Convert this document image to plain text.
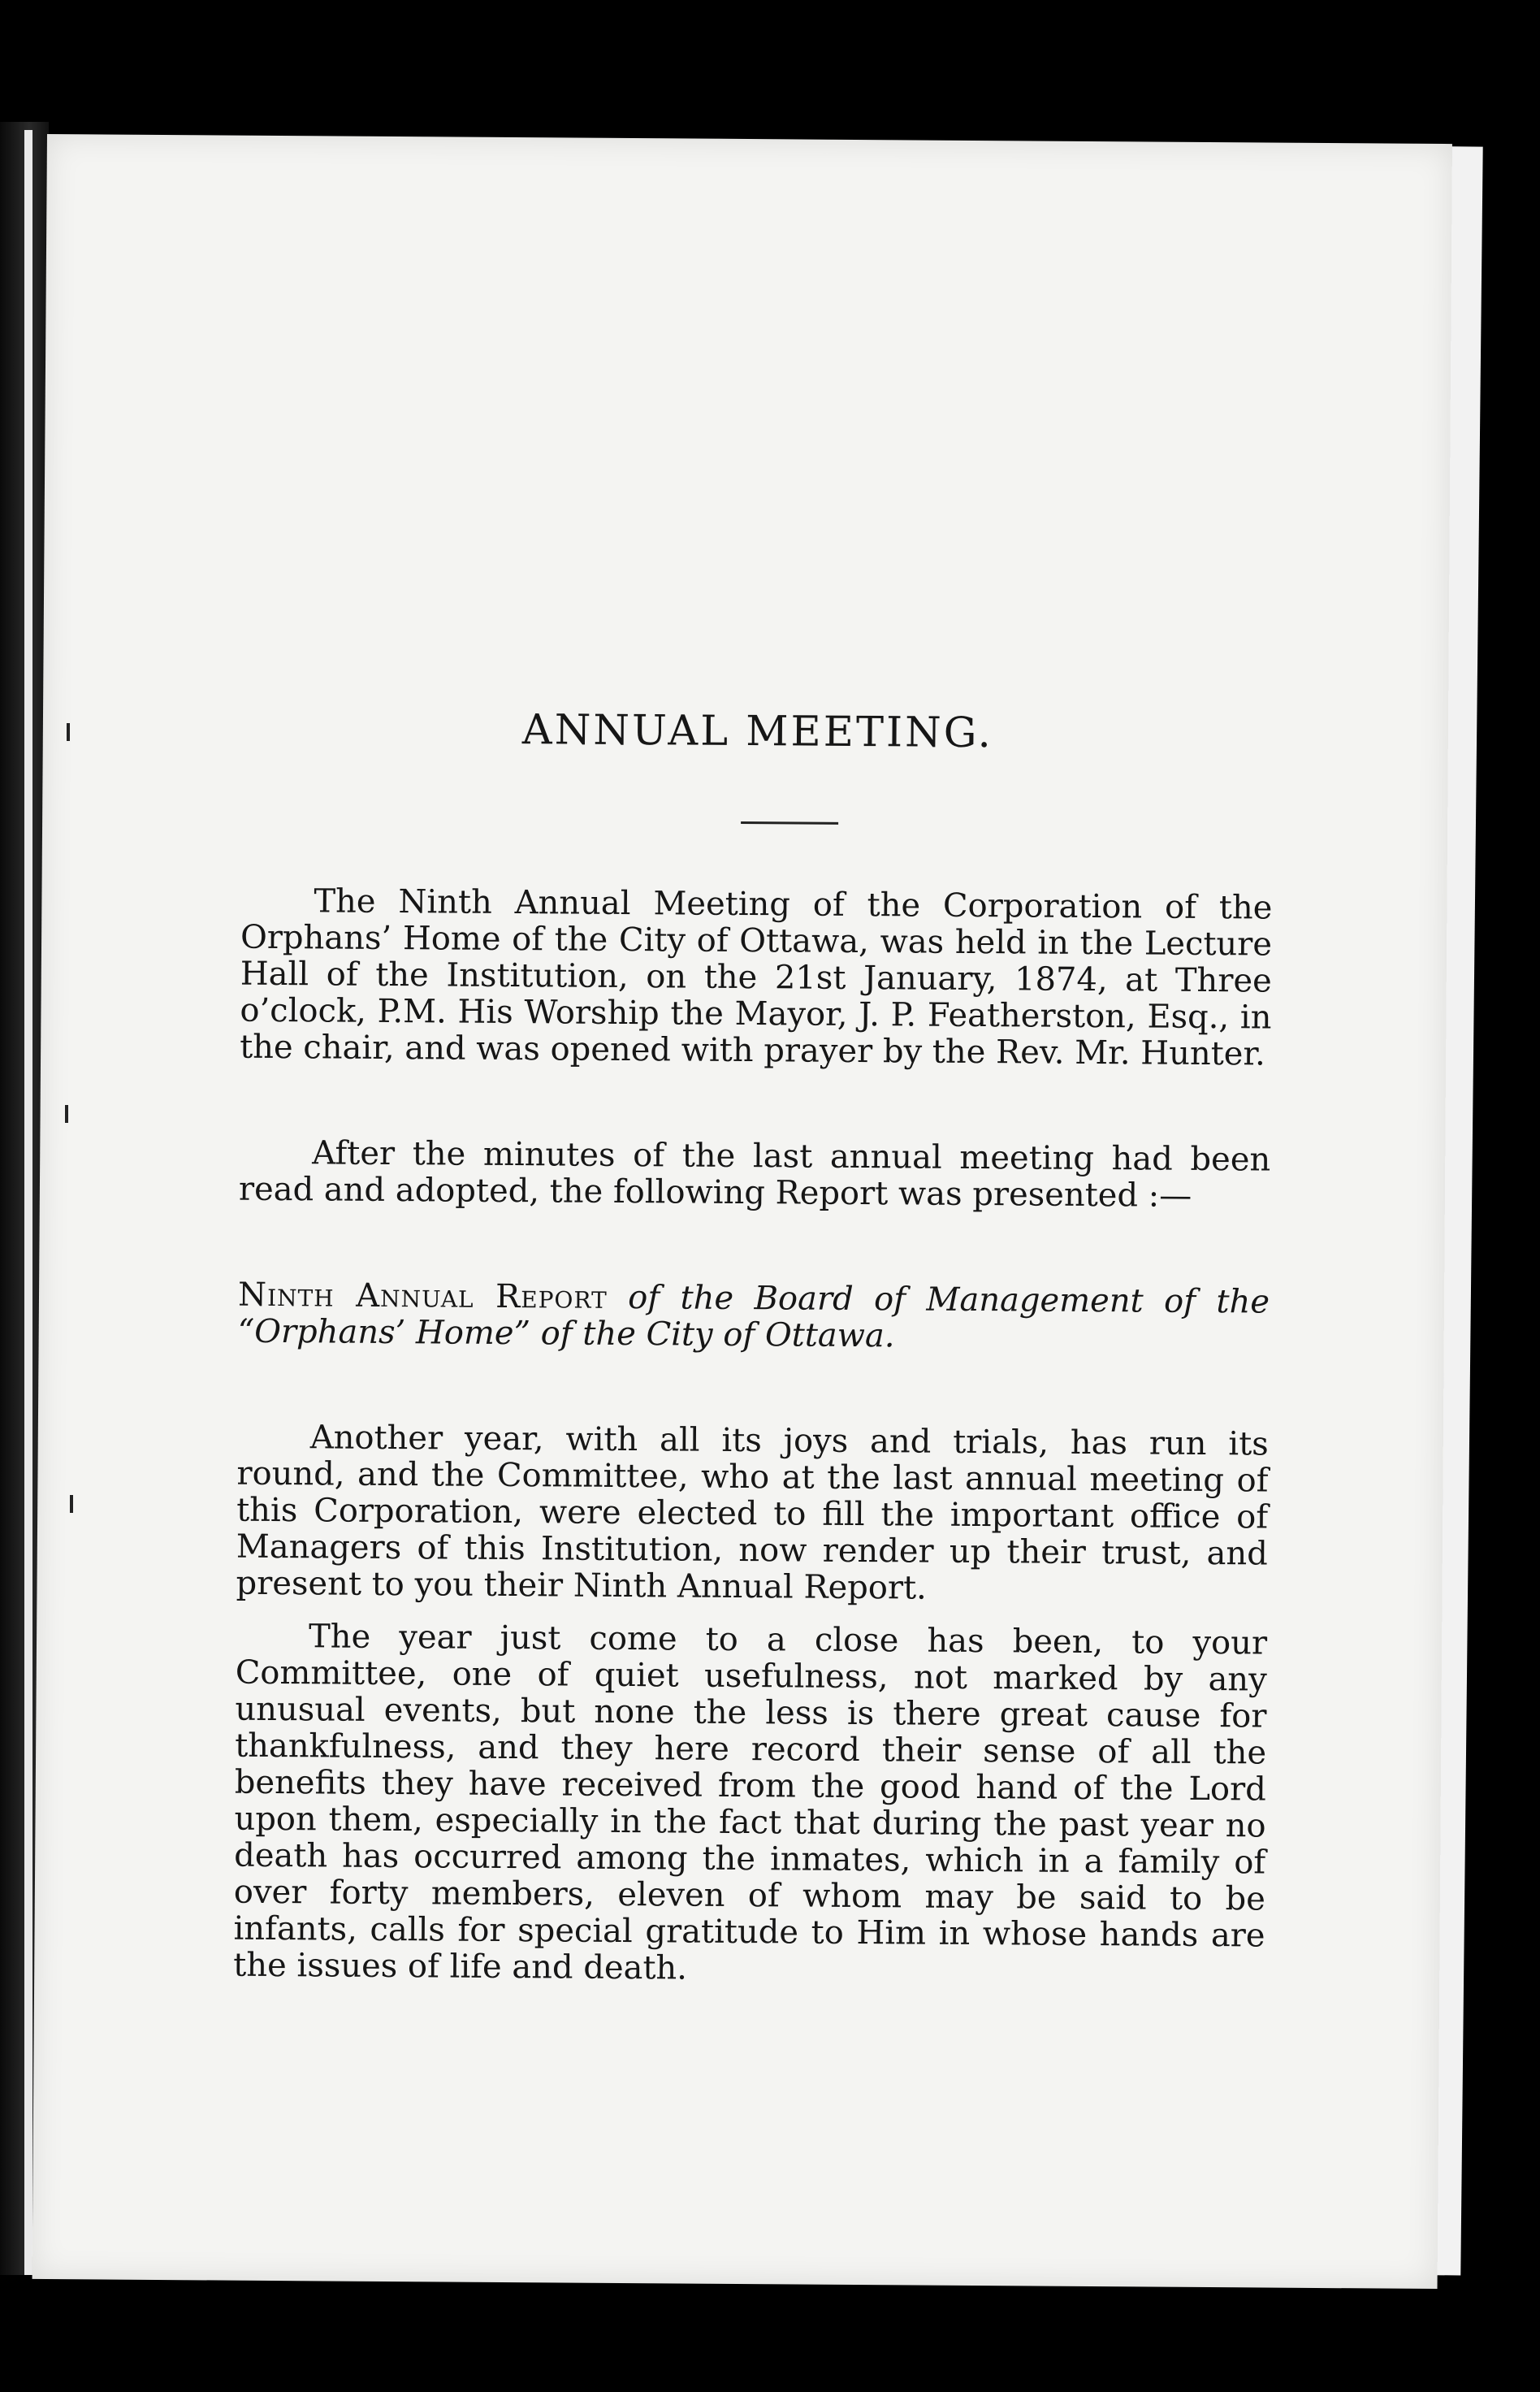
ANNUAL MEETING.

The Ninth Annual Meeting of the Corporation of the Orphans’ Home of the City of Ottawa, was held in the Lecture Hall of the Institution, on the 21st January, 1874, at Three o’clock, P.M. His Worship the Mayor, J. P. Featherston, Esq., in the chair, and was opened with prayer by the Rev. Mr. Hunter.

After the minutes of the last annual meeting had been read and adopted, the following Report was presented :—

Ninth Annual Report of the Board of Management of the “Orphans’ Home” of the City of Ottawa.

Another year, with all its joys and trials, has run its round, and the Committee, who at the last annual meeting of this Corporation, were elected to fill the important office of Managers of this Institution, now render up their trust, and present to you their Ninth Annual Report.

The year just come to a close has been, to your Committee, one of quiet usefulness, not marked by any unusual events, but none the less is there great cause for thankfulness, and they here record their sense of all the benefits they have received from the good hand of the Lord upon them, especially in the fact that during the past year no death has occurred among the inmates, which in a family of over forty members, eleven of whom may be said to be infants, calls for special gratitude to Him in whose hands are the issues of life and death.
